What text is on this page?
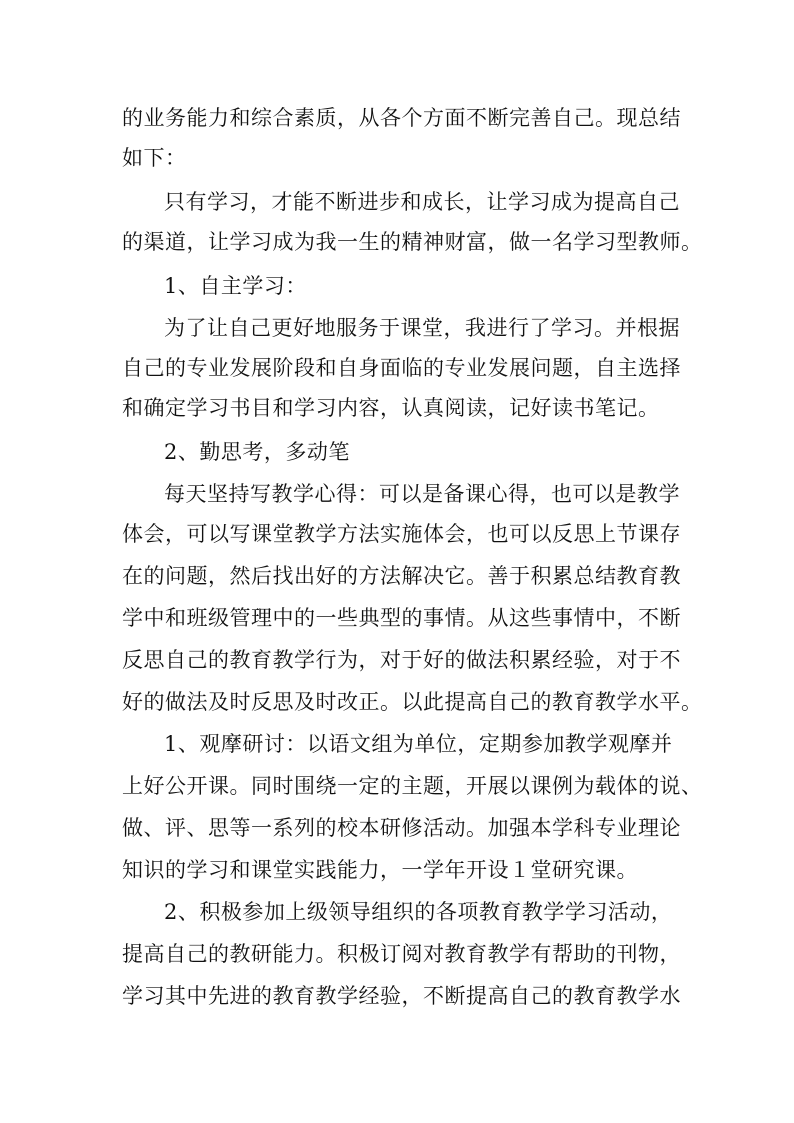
的业务能力和综合素质，从各个方面不断完善自己。现总结
如下：
只有学习，才能不断进步和成长，让学习成为提高自己
的渠道，让学习成为我一生的精神财富，做一名学习型教师。
1、自主学习：
为了让自己更好地服务于课堂，我进行了学习。并根据
自己的专业发展阶段和自身面临的专业发展问题，自主选择
和确定学习书目和学习内容，认真阅读，记好读书笔记。
2、勤思考，多动笔
每天坚持写教学心得：可以是备课心得，也可以是教学
体会，可以写课堂教学方法实施体会，也可以反思上节课存
在的问题，然后找出好的方法解决它。善于积累总结教育教
学中和班级管理中的一些典型的事情。从这些事情中，不断
反思自己的教育教学行为，对于好的做法积累经验，对于不
好的做法及时反思及时改正。以此提高自己的教育教学水平。
1、观摩研讨：以语文组为单位，定期参加教学观摩并
上好公开课。同时围绕一定的主题，开展以课例为载体的说、
做、评、思等一系列的校本研修活动。加强本学科专业理论
知识的学习和课堂实践能力，一学年开设１堂研究课。
2、积极参加上级领导组织的各项教育教学学习活动，
提高自己的教研能力。积极订阅对教育教学有帮助的刊物，
学习其中先进的教育教学经验，不断提高自己的教育教学水
